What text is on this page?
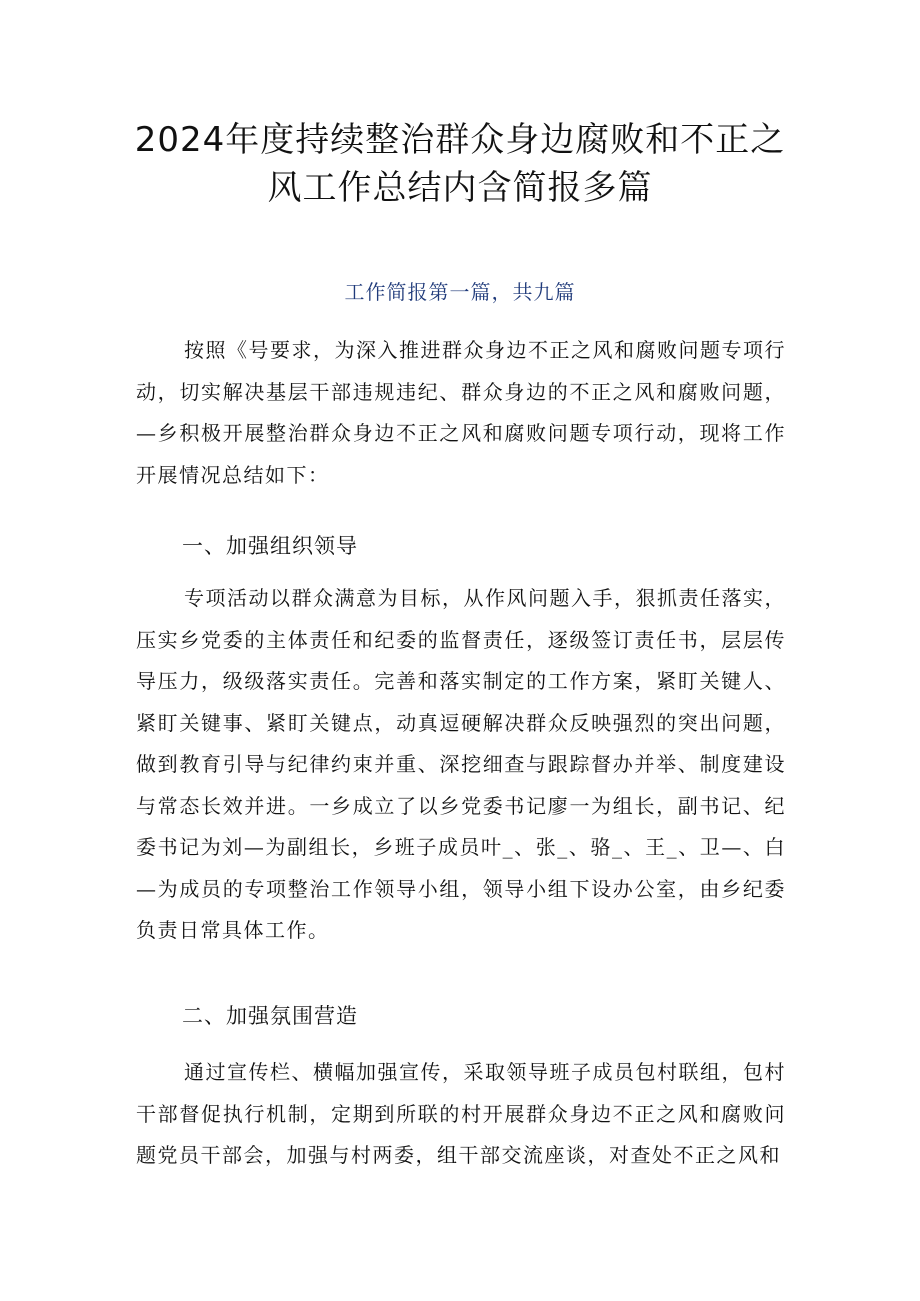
2024年度持续整治群众身边腐败和不正之
风工作总结内含简报多篇
工作简报第一篇，共九篇

按照《号要求，为深入推进群众身边不正之风和腐败问题专项行动，切实解决基层干部违规违纪、群众身边的不正之风和腐败问题，—乡积极开展整治群众身边不正之风和腐败问题专项行动，现将工作开展情况总结如下：

一、加强组织领导

专项活动以群众满意为目标，从作风问题入手，狠抓责任落实，压实乡党委的主体责任和纪委的监督责任，逐级签订责任书，层层传导压力，级级落实责任。完善和落实制定的工作方案，紧盯关键人、紧盯关键事、紧盯关键点，动真逗硬解决群众反映强烈的突出问题，做到教育引导与纪律约束并重、深挖细查与跟踪督办并举、制度建设与常态长效并进。一乡成立了以乡党委书记廖一为组长，副书记、纪委书记为刘—为副组长，乡班子成员叶_、张_、骆_、王_、卫—、白—为成员的专项整治工作领导小组，领导小组下设办公室，由乡纪委负责日常具体工作。

二、加强氛围营造

通过宣传栏、横幅加强宣传，采取领导班子成员包村联组，包村干部督促执行机制，定期到所联的村开展群众身边不正之风和腐败问题党员干部会，加强与村两委，组干部交流座谈，对查处不正之风和
